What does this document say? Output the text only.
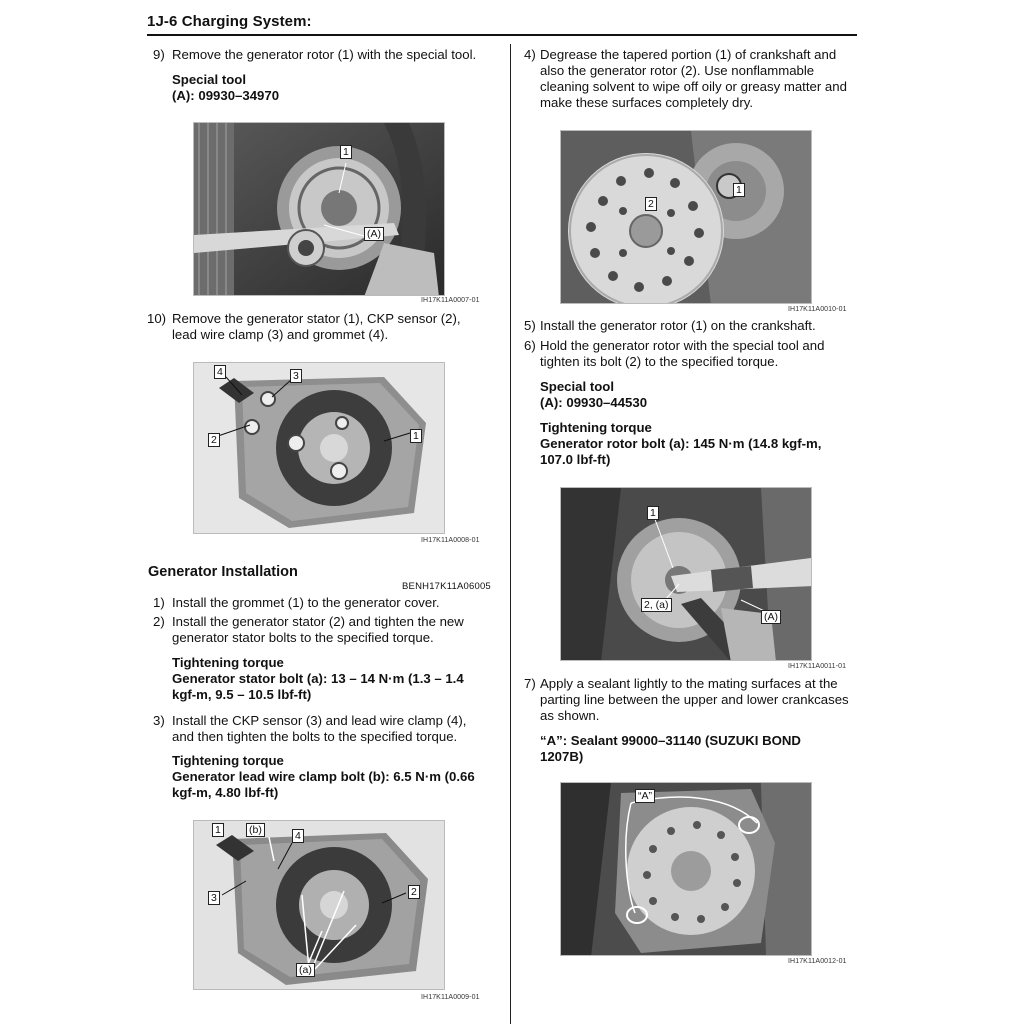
1J-6 Charging System:
9) Remove the generator rotor (1) with the special tool.
Special tool
(A): 09930–34970
1
(A)
IH17K11A0007-01
10) Remove the generator stator (1), CKP sensor (2),
lead wire clamp (3) and grommet (4).
4	3
2	1
IH17K11A0008-01
Generator Installation
BENH17K11A06005
1) Install the grommet (1) to the generator cover.
2) Install the generator stator (2) and tighten the new
generator stator bolts to the specified torque.
Tightening torque
Generator stator bolt (a): 13 – 14 N·m (1.3 – 1.4
kgf-m, 9.5 – 10.5 lbf-ft)
3) Install the CKP sensor (3) and lead wire clamp (4),
and then tighten the bolts to the specified torque.
Tightening torque
Generator lead wire clamp bolt (b): 6.5 N·m (0.66
kgf-m, 4.80 lbf-ft)
1	(b)	4
3	2
(a)
IH17K11A0009-01
4) Degrease the tapered portion (1) of crankshaft and
also the generator rotor (2). Use nonflammable
cleaning solvent to wipe off oily or greasy matter and
make these surfaces completely dry.
1
2
IH17K11A0010-01
5) Install the generator rotor (1) on the crankshaft.
6) Hold the generator rotor with the special tool and
tighten its bolt (2) to the specified torque.
Special tool
(A): 09930–44530
Tightening torque
Generator rotor bolt (a): 145 N·m (14.8 kgf-m,
107.0 lbf-ft)
1
2, (a)
(A)
IH17K11A0011-01
7) Apply a sealant lightly to the mating surfaces at the
parting line between the upper and lower crankcases
as shown.
“A”: Sealant 99000–31140 (SUZUKI BOND
1207B)
“A”
IH17K11A0012-01
